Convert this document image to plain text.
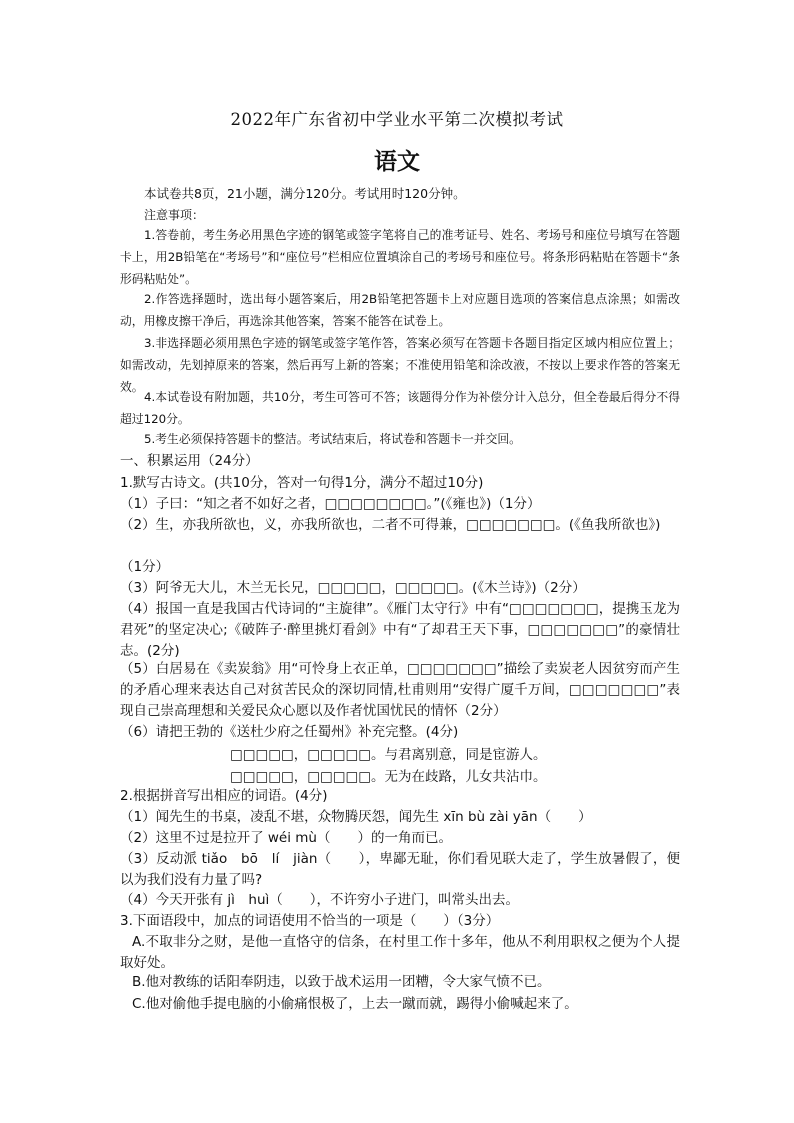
2022年广东省初中学业水平第二次模拟考试
语文
本试卷共8页，21小题，满分120分。考试用时120分钟。
注意事项：
1.答卷前，考生务必用黑色字迹的钢笔或签字笔将自己的准考证号、姓名、考场号和座位号填写在答题卡上，用2B铅笔在“考场号”和“座位号”栏相应位置填涂自己的考场号和座位号。将条形码粘贴在答题卡“条形码粘贴处”。
2.作答选择题时，选出每小题答案后，用2B铅笔把答题卡上对应题目选项的答案信息点涂黑；如需改动，用橡皮擦干净后，再选涂其他答案，答案不能答在试卷上。
3.非选择题必须用黑色字迹的钢笔或签字笔作答，答案必须写在答题卡各题目指定区域内相应位置上；如需改动，先划掉原来的答案，然后再写上新的答案；不准使用铅笔和涂改液，不按以上要求作答的答案无效。
4.本试卷设有附加题，共10分，考生可答可不答；该题得分作为补偿分计入总分，但全卷最后得分不得超过120分。
5.考生必须保持答题卡的整洁。考试结束后，将试卷和答题卡一并交回。
一、积累运用（24分）
1.默写古诗文。(共10分，答对一句得1分，满分不超过10分)
（1）子曰：“知之者不如好之者，□□□□□□□□。”(《雍也》)（1分）
（2）生，亦我所欲也，义，亦我所欲也，二者不可得兼，□□□□□□□。(《鱼我所欲也》)
（1分）
（3）阿爷无大儿，木兰无长兄，□□□□□，□□□□□。(《木兰诗》)（2分）
（4）报国一直是我国古代诗词的“主旋律”。《雁门太守行》中有“□□□□□□□，提携玉龙为君死”的坚定决心;《破阵子·醉里挑灯看剑》中有“了却君王天下事，□□□□□□□”的豪情壮志。(2分)
（5）白居易在《卖炭翁》用“可怜身上衣正单，□□□□□□□”描绘了卖炭老人因贫穷而产生的矛盾心理来表达自己对贫苦民众的深切同情,杜甫则用“安得广厦千万间，□□□□□□□”表现自己崇高理想和关爱民众心愿以及作者忧国忧民的情怀（2分）
（6）请把王勃的《送杜少府之任蜀州》补充完整。(4分)
□□□□□，□□□□□。与君离别意，同是宦游人。
□□□□□，□□□□□。无为在歧路，儿女共沾巾。
2.根据拼音写出相应的词语。(4分)
（1）闻先生的书桌，凌乱不堪，众物腾厌怨，闻先生 xīn bù zài yān（　　）
（2）这里不过是拉开了 wéi mù（　　）的一角而已。
（3）反动派 tiǎo　bō　lí　jiàn（　　），卑鄙无耻，你们看见联大走了，学生放暑假了，便以为我们没有力量了吗?
（4）今天开张有 jì　huì（　　），不许穷小子进门，叫常头出去。
3.下面语段中，加点的词语使用不恰当的一项是（　　）（3分）
A.不取非分之财，是他一直恪守的信条，在村里工作十多年，他从不利用职权之便为个人提取好处。
B.他对教练的话阳奉阴违，以致于战术运用一团糟，令大家气愤不已。
C.他对偷他手提电脑的小偷痛恨极了，上去一蹴而就，踢得小偷喊起来了。
